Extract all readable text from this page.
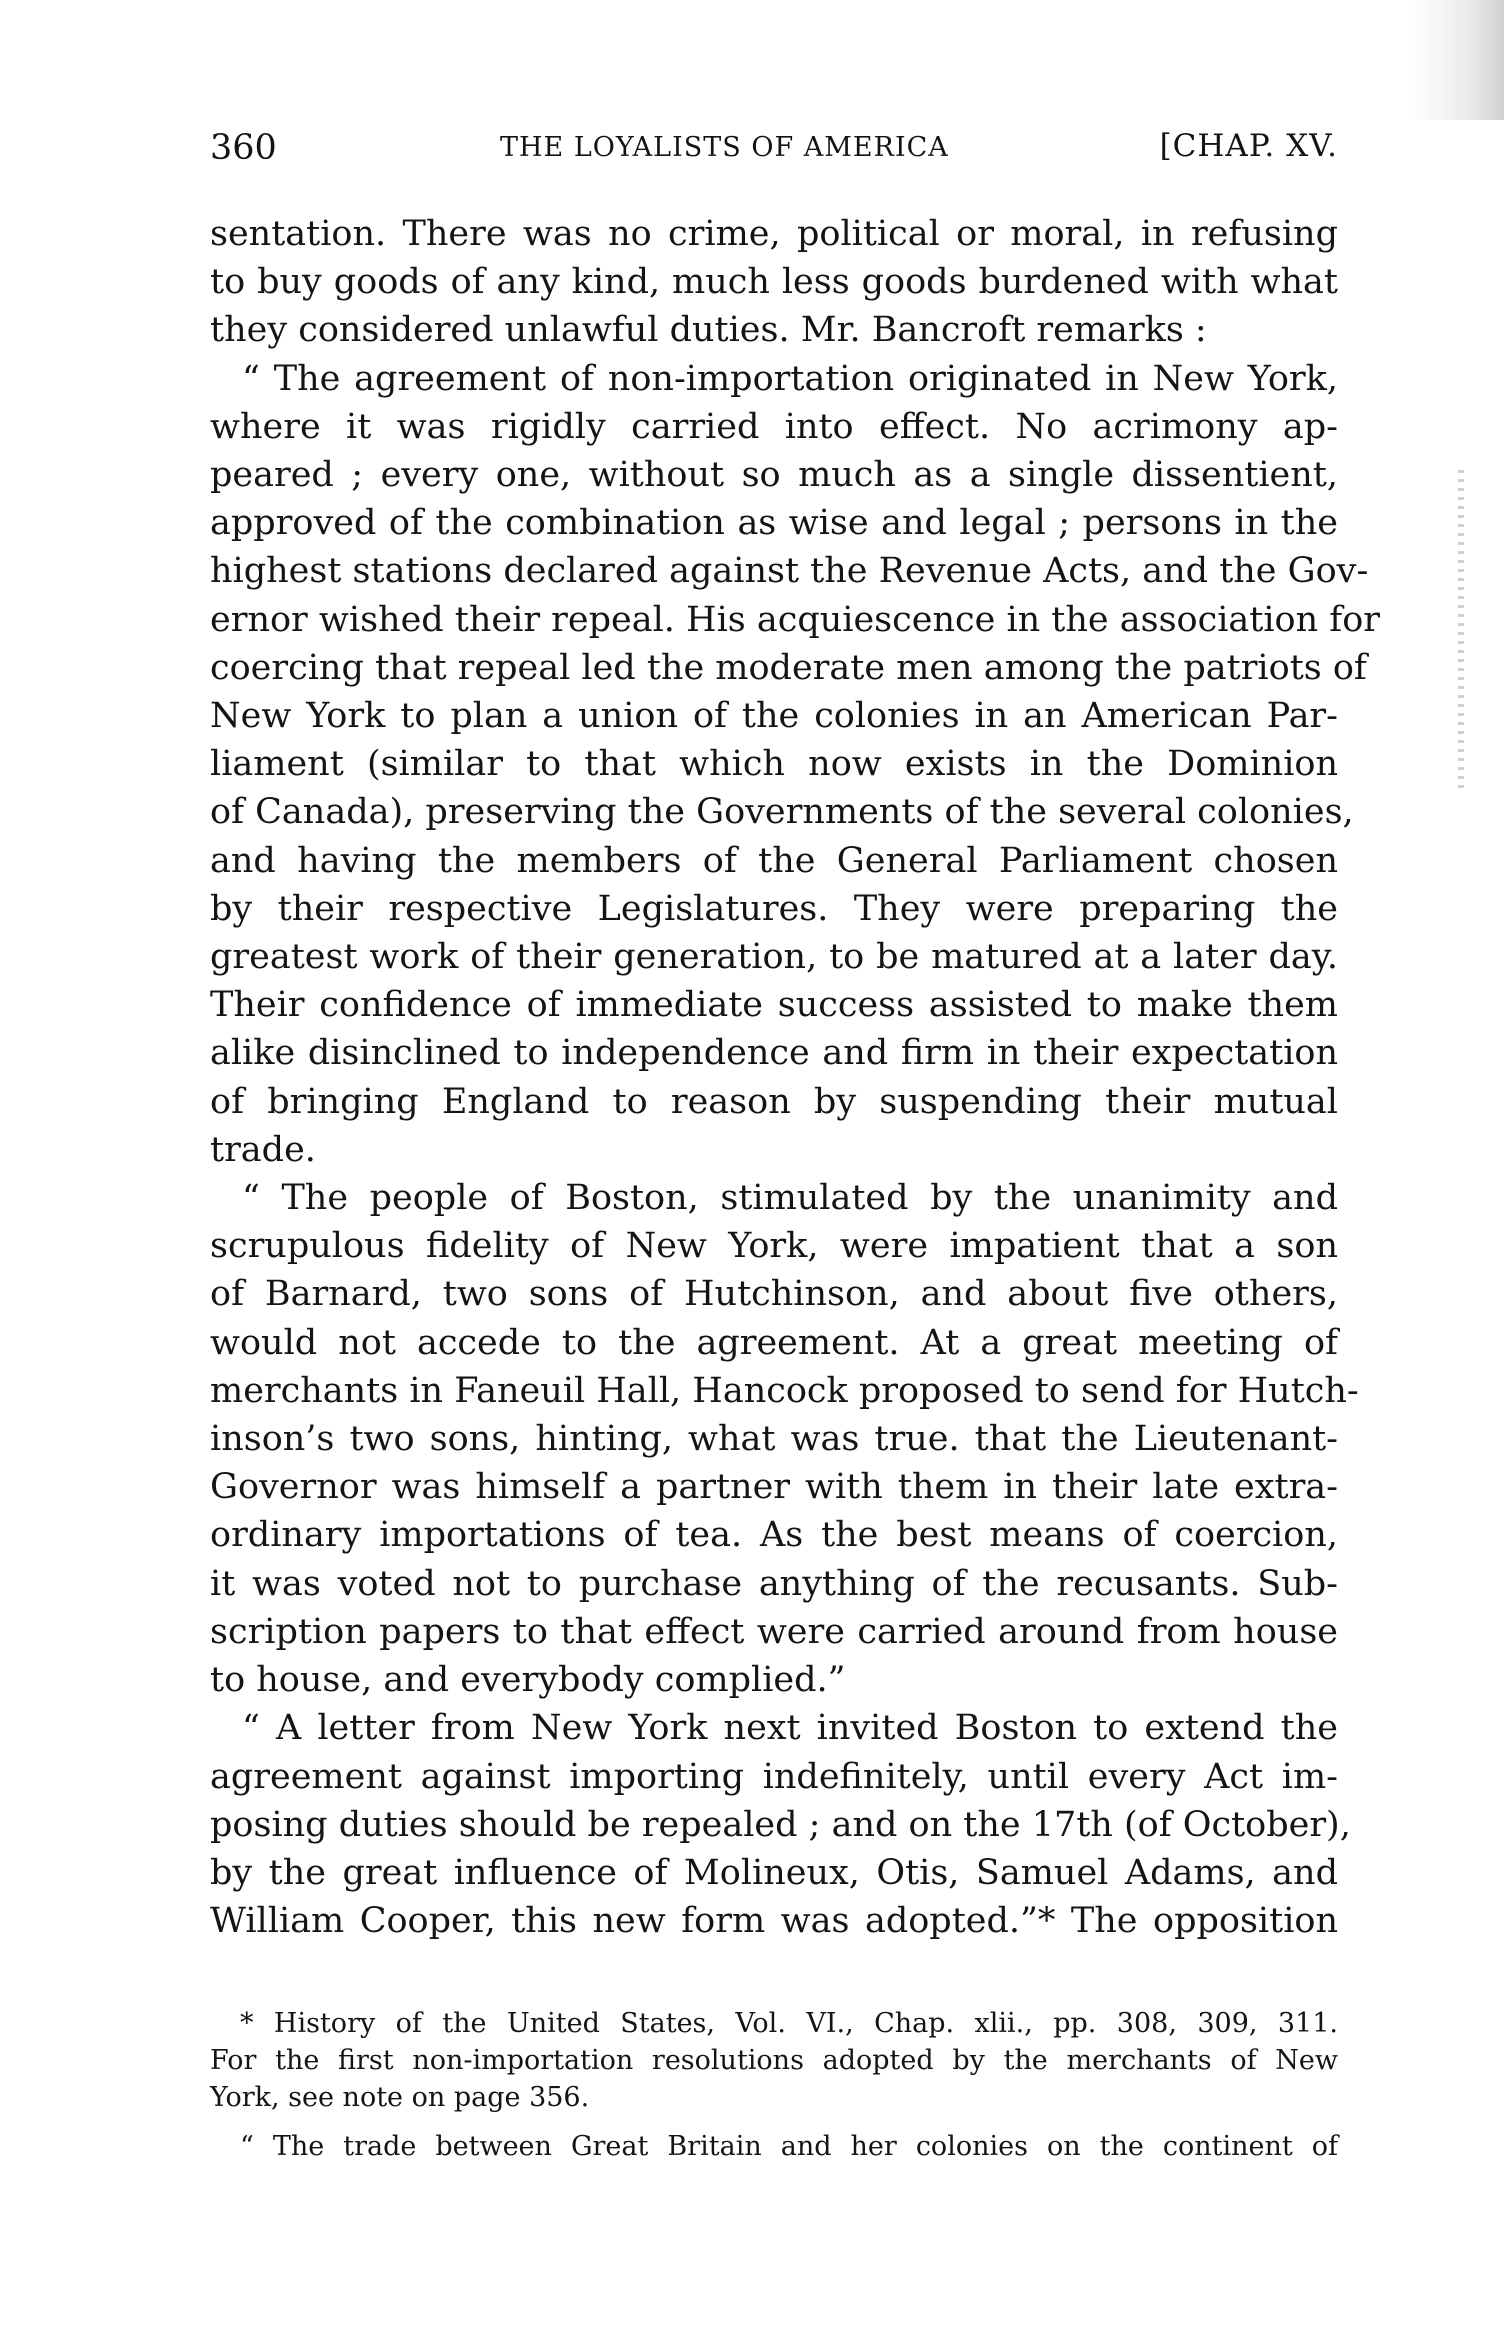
360	THE LOYALISTS OF AMERICA	[CHAP. XV.
sentation. There was no crime, political or moral, in refusing
to buy goods of any kind, much less goods burdened with what
they considered unlawful duties. Mr. Bancroft remarks :
“ The agreement of non-importation originated in New York,
where it was rigidly carried into effect. No acrimony ap-
peared ; every one, without so much as a single dissentient,
approved of the combination as wise and legal ; persons in the
highest stations declared against the Revenue Acts, and the Gov-
ernor wished their repeal. His acquiescence in the association for
coercing that repeal led the moderate men among the patriots of
New York to plan a union of the colonies in an American Par-
liament (similar to that which now exists in the Dominion
of Canada), preserving the Governments of the several colonies,
and having the members of the General Parliament chosen
by their respective Legislatures. They were preparing the
greatest work of their generation, to be matured at a later day.
Their confidence of immediate success assisted to make them
alike disinclined to independence and firm in their expectation
of bringing England to reason by suspending their mutual
trade.
“ The people of Boston, stimulated by the unanimity and
scrupulous fidelity of New York, were impatient that a son
of Barnard, two sons of Hutchinson, and about five others,
would not accede to the agreement. At a great meeting of
merchants in Faneuil Hall, Hancock proposed to send for Hutch-
inson’s two sons, hinting, what was true. that the Lieutenant-
Governor was himself a partner with them in their late extra-
ordinary importations of tea. As the best means of coercion,
it was voted not to purchase anything of the recusants. Sub-
scription papers to that effect were carried around from house
to house, and everybody complied.”
“ A letter from New York next invited Boston to extend the
agreement against importing indefinitely, until every Act im-
posing duties should be repealed ; and on the 17th (of October),
by the great influence of Molineux, Otis, Samuel Adams, and
William Cooper, this new form was adopted.”* The opposition
* History of the United States, Vol. VI., Chap. xlii., pp. 308, 309, 311.
For the first non-importation resolutions adopted by the merchants of New
York, see note on page 356.
“ The trade between Great Britain and her colonies on the continent of
